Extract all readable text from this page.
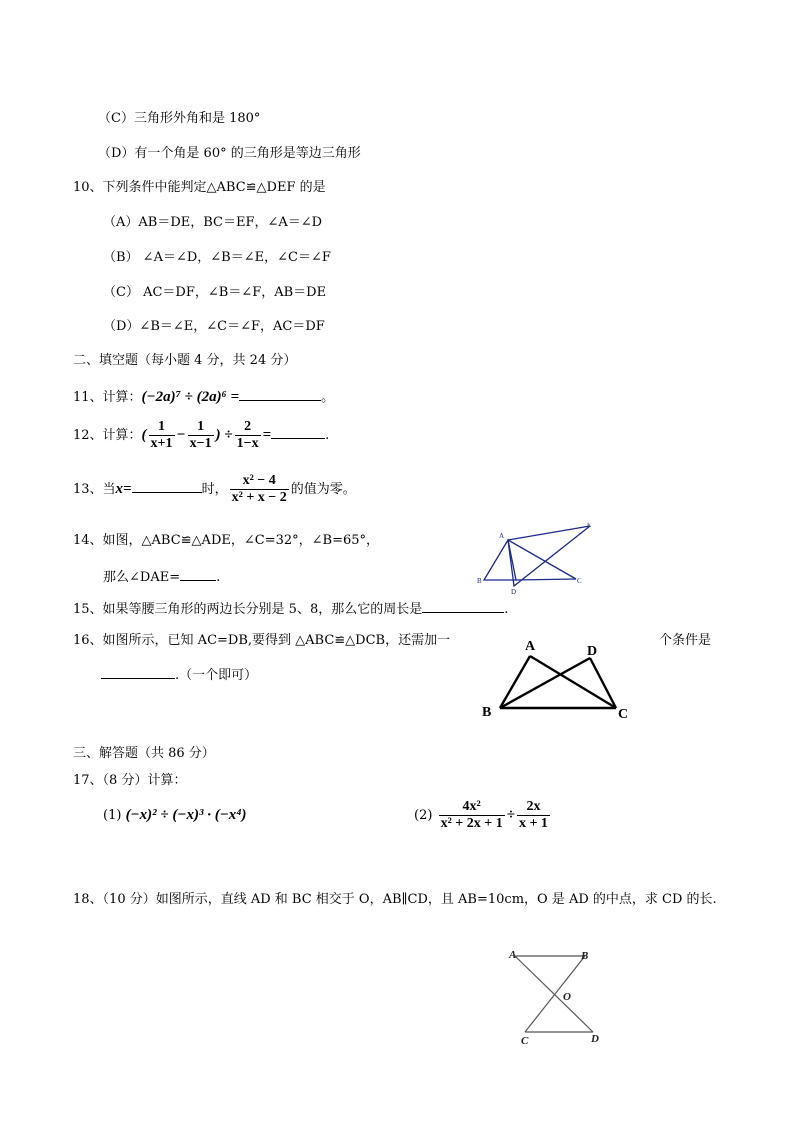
（C）三角形外角和是 180°
（D）有一个角是 60° 的三角形是等边三角形
10、下列条件中能判定△ABC≌△DEF 的是
（A）AB＝DE，BC＝EF，∠A＝∠D
（B） ∠A＝∠D，∠B＝∠E，∠C＝∠F
（C） AC＝DF，∠B＝∠F，AB＝DE
（D）∠B＝∠E，∠C＝∠F，AC＝DF
二、填空题（每小题 4 分，共 24 分）
11、计算：(−2a)⁷ ÷ (2a)⁶ =	。
12、计算：( $\frac{1}{x+1} - \frac{1}{x-1}$ ) ÷ $\frac{2}{1-x}$ =	.
13、当x=	时， $\frac{\text{x² − 4}}{\text{x² + x − 2}}$ 的值为零。
14、如图，△ABC≌△ADE，∠C=32°，∠B=65°，
那么∠DAE=	.
A
B	C
D
E
15、如果等腰三角形的两边长分别是 5、8，那么它的周长是	.
16、如图所示，已知 AC=DB,要得到 △ABC≌△DCB，还需加一	个条件是
.（一个即可）
A	D
B	C
三、解答题（共 86 分）
17、（8 分）计算：
(1) (−x)² ÷ (−x)³ · (−x⁴)	$(2) \frac{\text{4x²}}{\text{x² + 2x + 1}} \div \frac{2x}{x + 1}$
18、（10 分）如图所示，直线 AD 和 BC 相交于 O，AB∥CD，且 AB=10cm，O 是 AD 的中点，求 CD 的长.
A	B
O
C	D
